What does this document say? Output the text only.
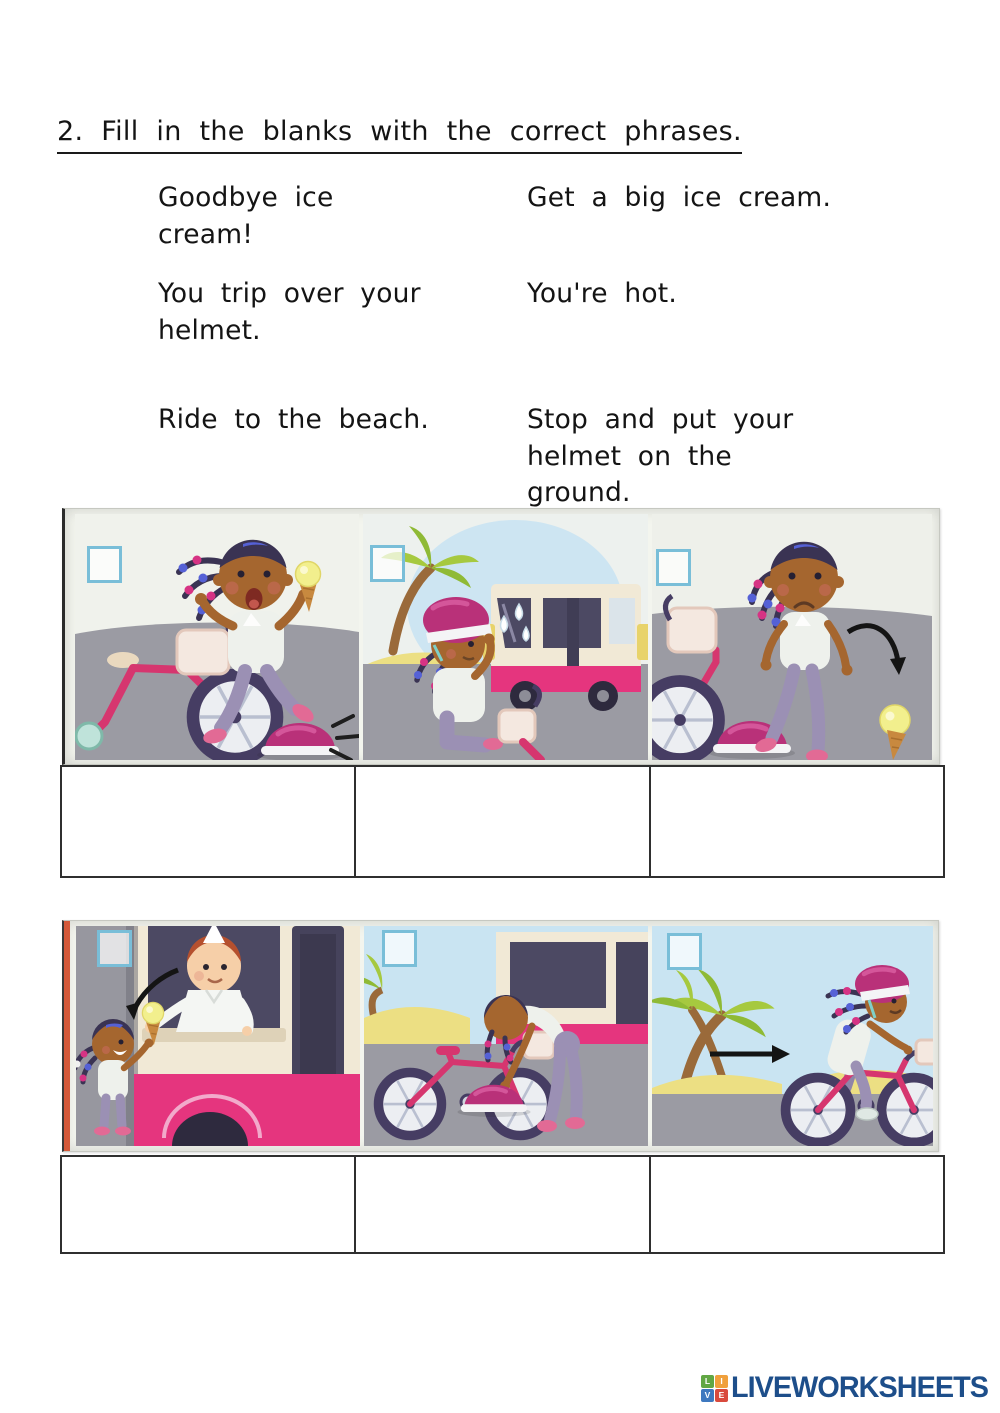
2. Fill in the blanks with the correct phrases.
Goodbye ice cream!
Get a big ice cream.
You trip over your helmet.
You're hot.
Ride to the beach.	Stop and put your helmet on the ground.
L	I
V E LIVEWORKSHEETS
